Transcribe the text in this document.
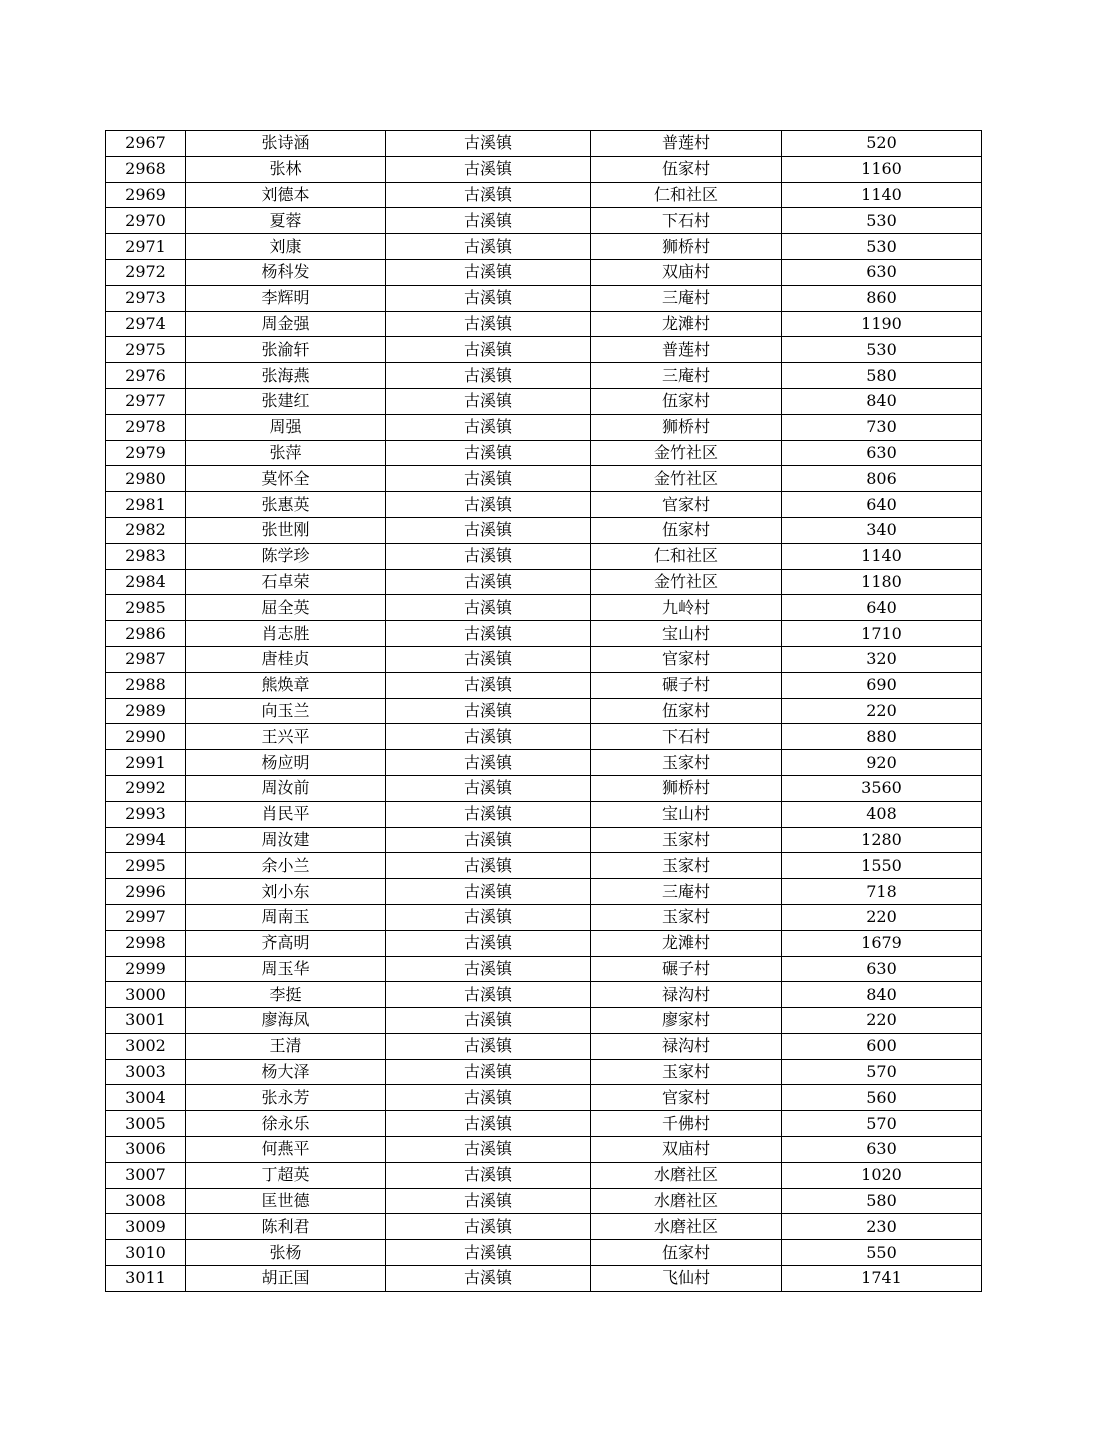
2967	张诗涵	古溪镇	普莲村	520
2968	张林	古溪镇	伍家村	1160
2969	刘德本	古溪镇	仁和社区	1140
2970	夏蓉	古溪镇	下石村	530
2971	刘康	古溪镇	狮桥村	530
2972	杨科发	古溪镇	双庙村	630
2973	李辉明	古溪镇	三庵村	860
2974	周金强	古溪镇	龙滩村	1190
2975	张渝轩	古溪镇	普莲村	530
2976	张海燕	古溪镇	三庵村	580
2977	张建红	古溪镇	伍家村	840
2978	周强	古溪镇	狮桥村	730
2979	张萍	古溪镇	金竹社区	630
2980	莫怀全	古溪镇	金竹社区	806
2981	张惠英	古溪镇	官家村	640
2982	张世刚	古溪镇	伍家村	340
2983	陈学珍	古溪镇	仁和社区	1140
2984	石卓荣	古溪镇	金竹社区	1180
2985	屈全英	古溪镇	九岭村	640
2986	肖志胜	古溪镇	宝山村	1710
2987	唐桂贞	古溪镇	官家村	320
2988	熊焕章	古溪镇	碾子村	690
2989	向玉兰	古溪镇	伍家村	220
2990	王兴平	古溪镇	下石村	880
2991	杨应明	古溪镇	玉家村	920
2992	周汝前	古溪镇	狮桥村	3560
2993	肖民平	古溪镇	宝山村	408
2994	周汝建	古溪镇	玉家村	1280
2995	余小兰	古溪镇	玉家村	1550
2996	刘小东	古溪镇	三庵村	718
2997	周南玉	古溪镇	玉家村	220
2998	齐高明	古溪镇	龙滩村	1679
2999	周玉华	古溪镇	碾子村	630
3000	李挺	古溪镇	禄沟村	840
3001	廖海凤	古溪镇	廖家村	220
3002	王清	古溪镇	禄沟村	600
3003	杨大泽	古溪镇	玉家村	570
3004	张永芳	古溪镇	官家村	560
3005	徐永乐	古溪镇	千佛村	570
3006	何燕平	古溪镇	双庙村	630
3007	丁超英	古溪镇	水磨社区	1020
3008	匡世德	古溪镇	水磨社区	580
3009	陈利君	古溪镇	水磨社区	230
3010	张杨	古溪镇	伍家村	550
3011	胡正国	古溪镇	飞仙村	1741
